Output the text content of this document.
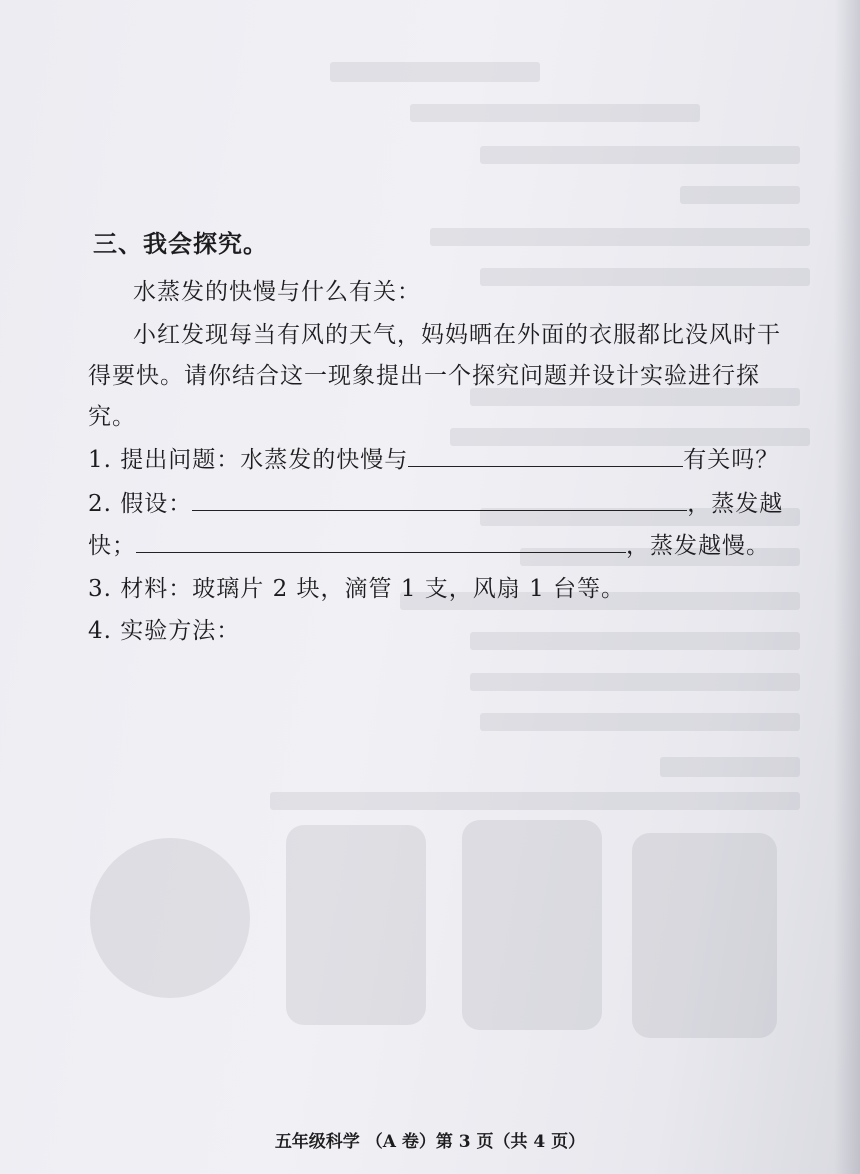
三、我会探究。
水蒸发的快慢与什么有关：
小红发现每当有风的天气，妈妈晒在外面的衣服都比没风时干
得要快。请你结合这一现象提出一个探究问题并设计实验进行探
究。
1. 提出问题：水蒸发的快慢与	有关吗？
2. 假设：	，蒸发越
快；	，蒸发越慢。
3. 材料：玻璃片 2 块，滴管 1 支，风扇 1 台等。
4. 实验方法：
五年级科学 （A 卷）第 3 页（共 4 页）
